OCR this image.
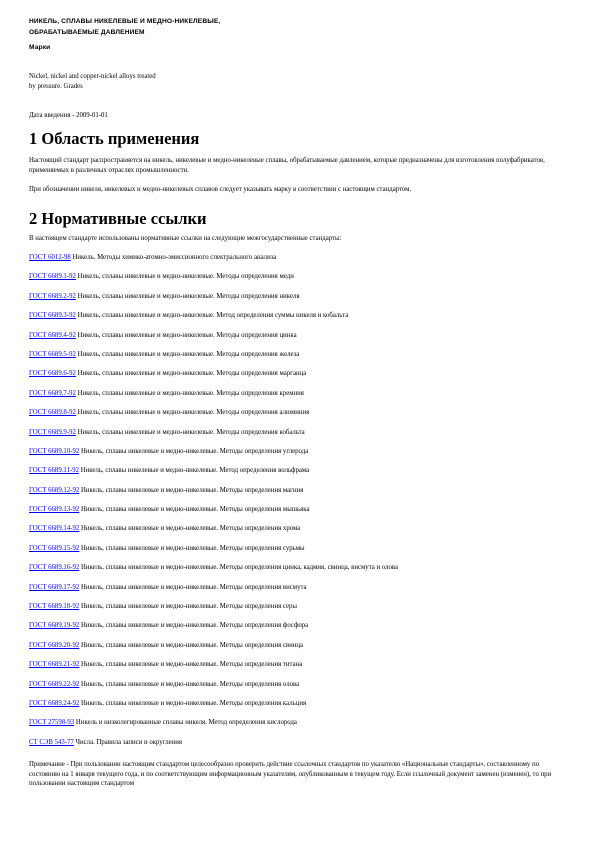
НИКЕЛЬ, СПЛАВЫ НИКЕЛЕВЫЕ И МЕДНО-НИКЕЛЕВЫЕ,

ОБРАБАТЫВАЕМЫЕ ДАВЛЕНИЕМ

Марки

Nickel, nickel and copper-nickel alloys treated

by pressure. Grades

Дата введения - 2009-01-01

1 Область применения

Настоящий стандарт распространяется на никель, никелевые и медно-никелевые сплавы, обрабатываемые давлением, которые предназначены для изготовления полуфабрикатов, применяемых в различных отраслях промышленности.

При обозначении никеля, никелевых и медно-никелевых сплавов следует указывать марку в соответствии с настоящим стандартом.

2 Нормативные ссылки

В настоящем стандарте использованы нормативные ссылки на следующие межгосударственные стандарты:

ГОСТ 6012-98 Никель. Методы химико-атомно-эмиссионного спектрального анализа
ГОСТ 6689.1-92 Никель, сплавы никелевые и медно-никелевые. Методы определения меди
ГОСТ 6689.2-92 Никель, сплавы никелевые и медно-никелевые. Методы определения никеля
ГОСТ 6689.3-92 Никель, сплавы никелевые и медно-никелевые. Метод определения суммы никеля и кобальта
ГОСТ 6689.4-92 Никель, сплавы никелевые и медно-никелевые. Методы определения цинка
ГОСТ 6689.5-92 Никель, сплавы никелевые и медно-никелевые. Методы определения железа
ГОСТ 6689.6-92 Никель, сплавы никелевые и медно-никелевые. Методы определения марганца
ГОСТ 6689.7-92 Никель, сплавы никелевые и медно-никелевые. Методы определения кремния
ГОСТ 6689.8-92 Никель, сплавы никелевые и медно-никелевые. Методы определения алюминия
ГОСТ 6689.9-92 Никель, сплавы никелевые и медно-никелевые. Методы определения кобальта
ГОСТ 6689.10-92 Никель, сплавы никелевые и медно-никелевые. Методы определения углерода
ГОСТ 6689.11-92 Никель, сплавы никелевые и медно-никелевые. Метод определения вольфрама
ГОСТ 6689.12-92 Никель, сплавы никелевые и медно-никелевые. Методы определения магния
ГОСТ 6689.13-92 Никель, сплавы никелевые и медно-никелевые. Методы определения мышьяка
ГОСТ 6689.14-92 Никель, сплавы никелевые и медно-никелевые. Методы определения хрома
ГОСТ 6689.15-92 Никель, сплавы никелевые и медно-никелевые. Методы определения сурьмы
ГОСТ 6689.16-92 Никель, сплавы никелевые и медно-никелевые. Методы определения цинка, кадмия, свинца, висмута и олова
ГОСТ 6689.17-92 Никель, сплавы никелевые и медно-никелевые. Методы определения висмута
ГОСТ 6689.18-92 Никель, сплавы никелевые и медно-никелевые. Методы определения серы
ГОСТ 6689.19-92 Никель, сплавы никелевые и медно-никелевые. Методы определения фосфора
ГОСТ 6689.20-92 Никель, сплавы никелевые и медно-никелевые. Методы определения свинца
ГОСТ 6689.21-92 Никель, сплавы никелевые и медно-никелевые. Методы определения титана
ГОСТ 6689.22-92 Никель, сплавы никелевые и медно-никелевые. Методы определения олова
ГОСТ 6689.24-92 Никель, сплавы никелевые и медно-никелевые. Методы определения кальция
ГОСТ 27598-93 Никель и низколегированные сплавы никеля. Метод определения кислорода
СТ СЭВ 543-77 Числа. Правила записи и округления

Примечание - При пользовании настоящим стандартом целесообразно проверить действие ссылочных стандартов по указателю «Национальные стандарты», составленному по состоянию на 1 января текущего года, и по соответствующим информационным указателям, опубликованным в текущем году. Если ссылочный документ заменен (изменен), то при пользовании настоящим стандартом
